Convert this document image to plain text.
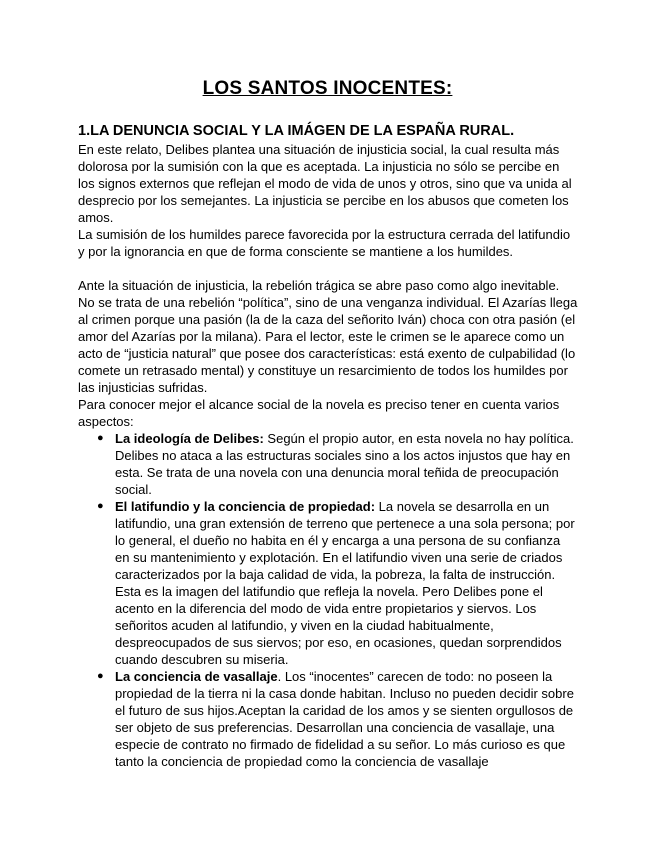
LOS SANTOS INOCENTES:
1.LA DENUNCIA SOCIAL Y LA IMÁGEN DE LA ESPAÑA RURAL.

En este relato, Delibes plantea una situación de injusticia social, la cual resulta más dolorosa por la sumisión con la que es aceptada. La injusticia no sólo se percibe en los signos externos que reflejan el modo de vida de unos y otros, sino que va unida al desprecio por los semejantes. La injusticia se percibe en los abusos que cometen los amos.

La sumisión de los humildes parece favorecida por la estructura cerrada del latifundio y por la ignorancia en que de forma consciente se mantiene a los humildes.

Ante la situación de injusticia, la rebelión trágica se abre paso como algo inevitable. No se trata de una rebelión “política”, sino de una venganza individual. El Azarías llega al crimen porque una pasión (la de la caza del señorito Iván) choca con otra pasión (el amor del Azarías por la milana). Para el lector, este le crimen se le aparece como un acto de “justicia natural” que posee dos características: está exento de culpabilidad (lo comete un retrasado mental) y constituye un resarcimiento de todos los humildes por las injusticias sufridas.

Para conocer mejor el alcance social de la novela es preciso tener en cuenta varios aspectos:

● La ideología de Delibes: Según el propio autor, en esta novela no hay política. Delibes no ataca a las estructuras sociales sino a los actos injustos que hay en esta. Se trata de una novela con una denuncia moral teñida de preocupación social.
● El latifundio y la conciencia de propiedad: La novela se desarrolla en un latifundio, una gran extensión de terreno que pertenece a una sola persona; por lo general, el dueño no habita en él y encarga a una persona de su confianza en su mantenimiento y explotación. En el latifundio viven una serie de criados caracterizados por la baja calidad de vida, la pobreza, la falta de instrucción. Esta es la imagen del latifundio que refleja la novela. Pero Delibes pone el acento en la diferencia del modo de vida entre propietarios y siervos. Los señoritos acuden al latifundio, y viven en la ciudad habitualmente, despreocupados de sus siervos; por eso, en ocasiones, quedan sorprendidos cuando descubren su miseria.
● La conciencia de vasallaje. Los “inocentes” carecen de todo: no poseen la propiedad de la tierra ni la casa donde habitan. Incluso no pueden decidir sobre el futuro de sus hijos.Aceptan la caridad de los amos y se sienten orgullosos de ser objeto de sus preferencias. Desarrollan una conciencia de vasallaje, una especie de contrato no firmado de fidelidad a su señor. Lo más curioso es que tanto la conciencia de propiedad como la conciencia de vasallaje
